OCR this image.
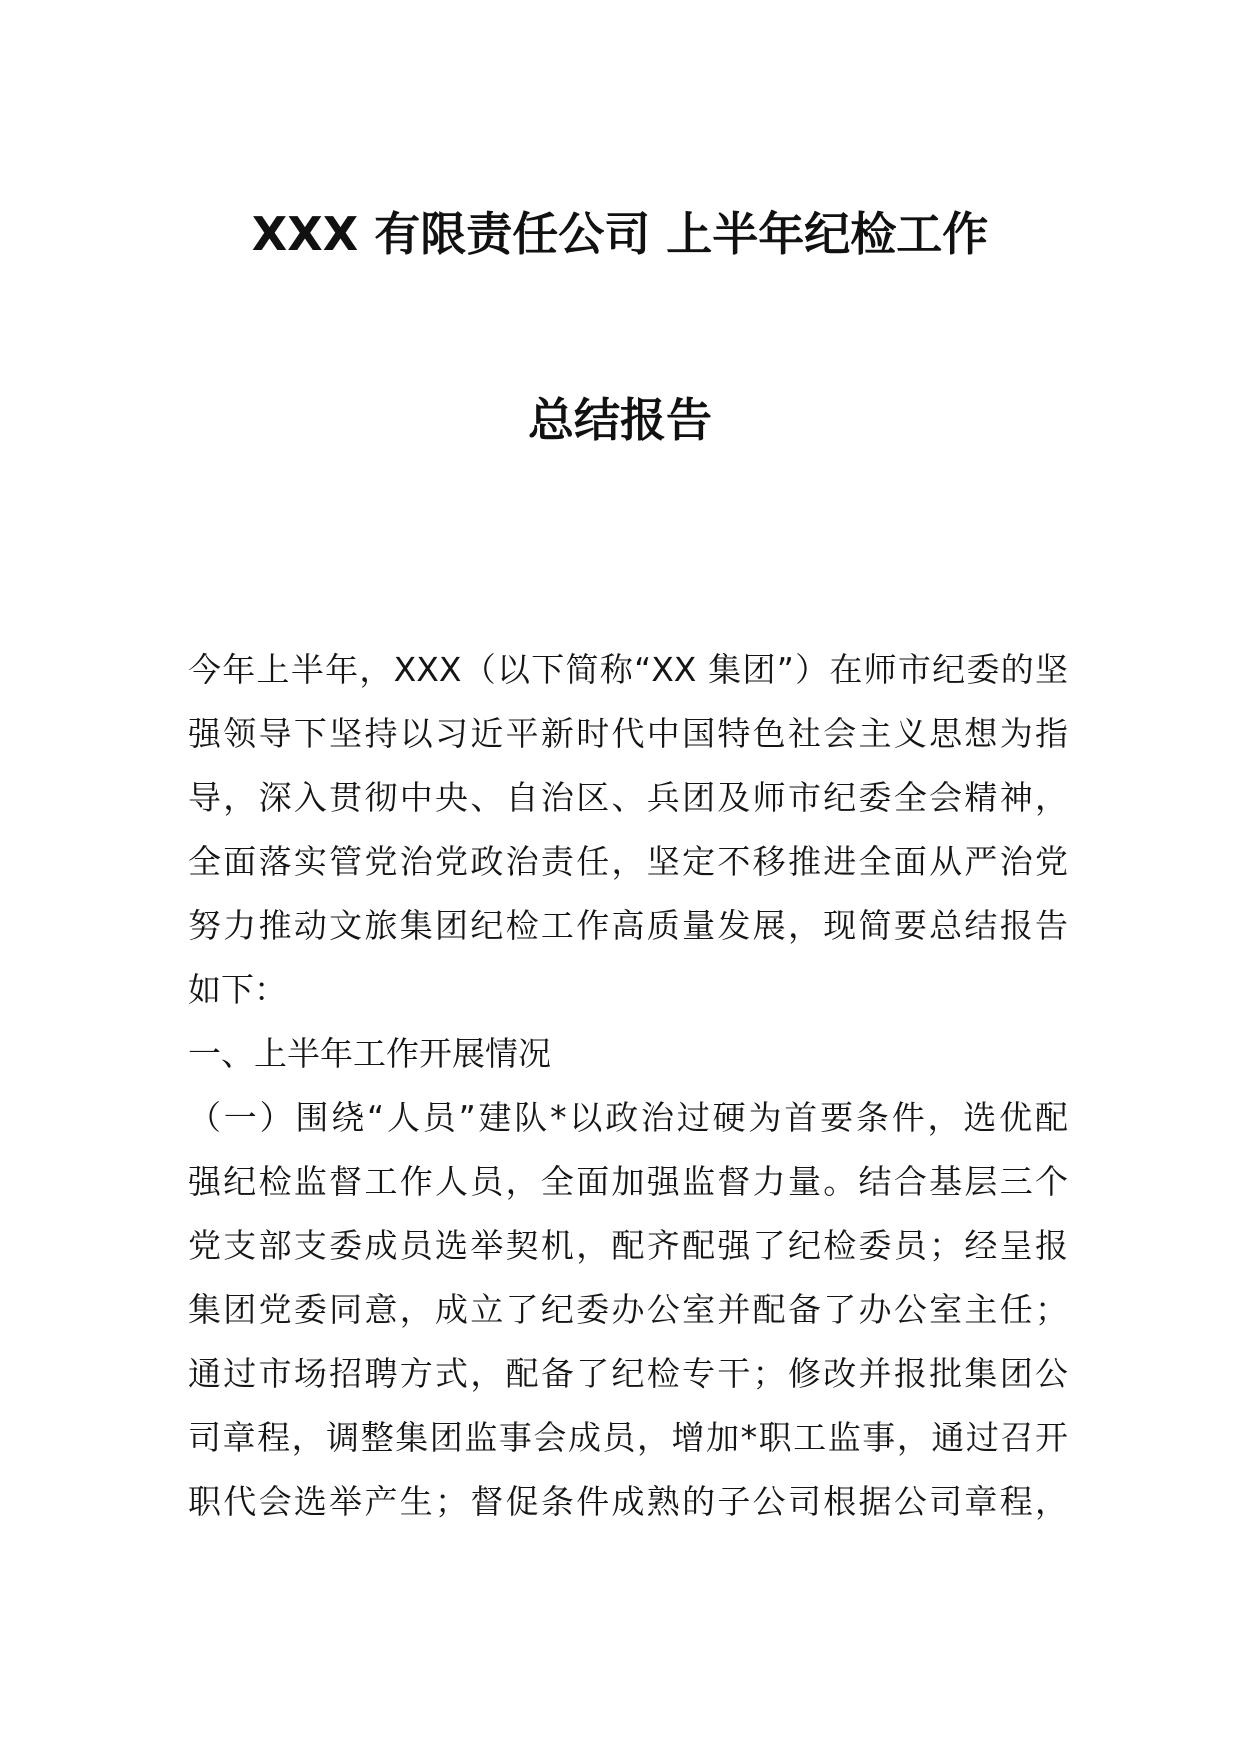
XXX 有限责任公司 上半年纪检工作
总结报告
今年上半年，XXX（以下简称“XX 集团”）在师市纪委的坚
强领导下坚持以习近平新时代中国特色社会主义思想为指
导，深入贯彻中央、自治区、兵团及师市纪委全会精神，
全面落实管党治党政治责任，坚定不移推进全面从严治党
努力推动文旅集团纪检工作高质量发展，现简要总结报告
如下：
一、上半年工作开展情况
（一）围绕“人员”建队*以政治过硬为首要条件，选优配
强纪检监督工作人员，全面加强监督力量。结合基层三个
党支部支委成员选举契机，配齐配强了纪检委员；经呈报
集团党委同意，成立了纪委办公室并配备了办公室主任；
通过市场招聘方式，配备了纪检专干；修改并报批集团公
司章程，调整集团监事会成员，增加*职工监事，通过召开
职代会选举产生；督促条件成熟的子公司根据公司章程，
